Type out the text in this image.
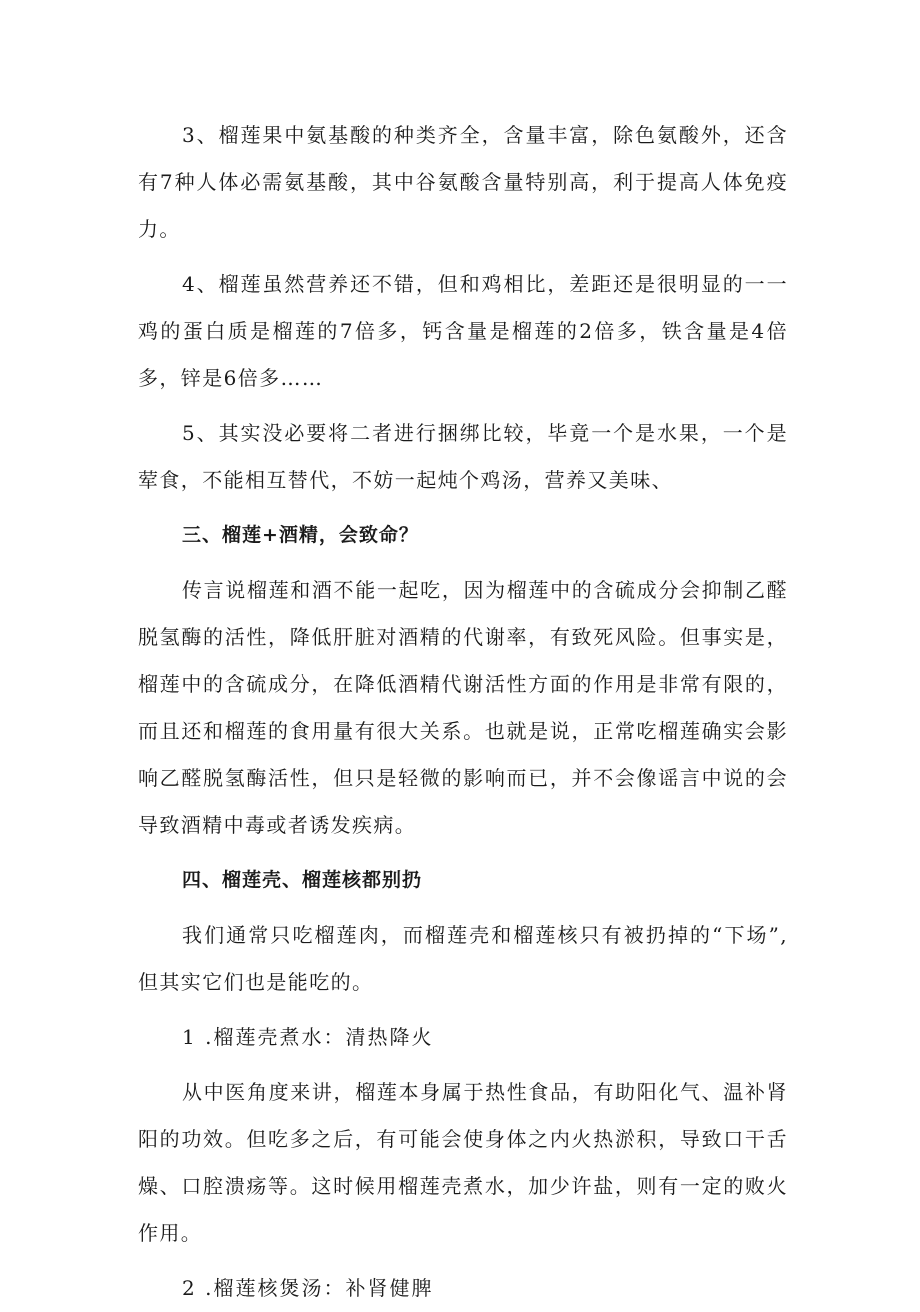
3、榴莲果中氨基酸的种类齐全，含量丰富，除色氨酸外，还含有7种人体必需氨基酸，其中谷氨酸含量特别高，利于提高人体免疫力。

4、榴莲虽然营养还不错，但和鸡相比，差距还是很明显的一一鸡的蛋白质是榴莲的7倍多，钙含量是榴莲的2倍多，铁含量是4倍多，锌是6倍多……

5、其实没必要将二者进行捆绑比较，毕竟一个是水果，一个是荤食，不能相互替代，不妨一起炖个鸡汤，营养又美味、

三、榴莲+酒精，会致命？

传言说榴莲和酒不能一起吃，因为榴莲中的含硫成分会抑制乙醛脱氢酶的活性，降低肝脏对酒精的代谢率，有致死风险。但事实是，榴莲中的含硫成分，在降低酒精代谢活性方面的作用是非常有限的，而且还和榴莲的食用量有很大关系。也就是说，正常吃榴莲确实会影响乙醛脱氢酶活性，但只是轻微的影响而已，并不会像谣言中说的会导致酒精中毒或者诱发疾病。

四、榴莲壳、榴莲核都别扔

我们通常只吃榴莲肉，而榴莲壳和榴莲核只有被扔掉的“下场”,但其实它们也是能吃的。

1 .榴莲壳煮水：清热降火

从中医角度来讲，榴莲本身属于热性食品，有助阳化气、温补肾阳的功效。但吃多之后，有可能会使身体之内火热淤积，导致口干舌燥、口腔溃疡等。这时候用榴莲壳煮水，加少许盐，则有一定的败火作用。

2 .榴莲核煲汤：补肾健脾
